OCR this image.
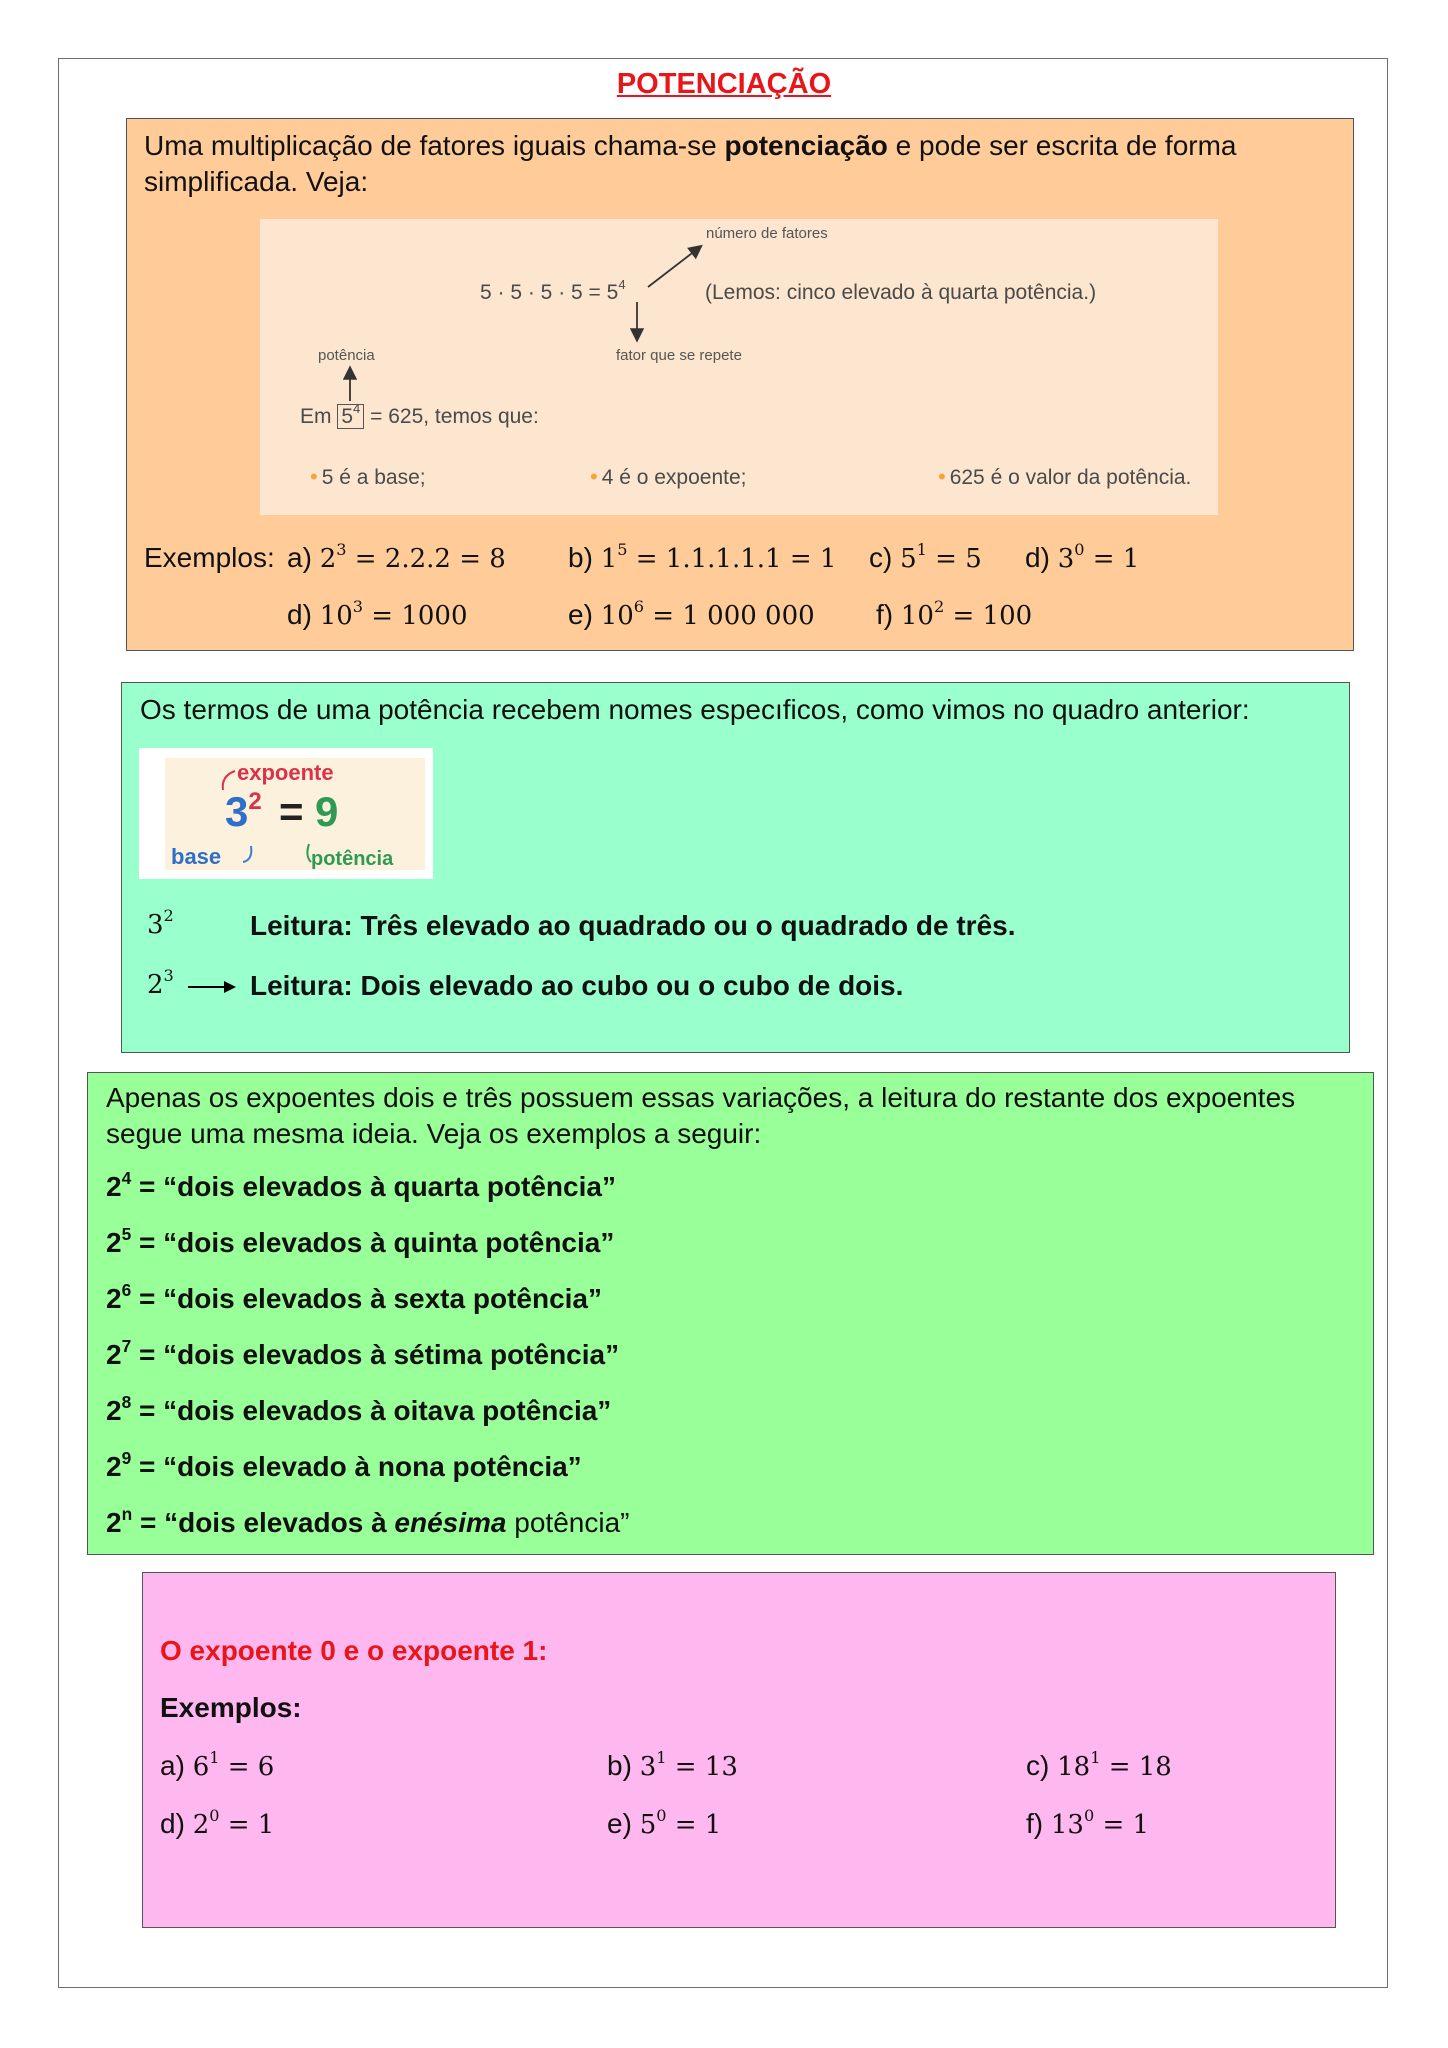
POTENCIAÇÃO
Uma multiplicação de fatores iguais chama-se potenciação e pode ser escrita de forma
simplificada. Veja:
número de fatores
$5 \cdot 5 \cdot 5 \cdot 5 = 5^4$	(Lemos: cinco elevado à quarta potência.)
fator que se repete
potência
Em $5^4 = 625$, temos que:
• 5 é a base;	• 4 é o expoente;	• 625 é o valor da potência.
Exemplos: a) $2^3 = 2.2.2 = 8$ b) $1^5 = 1.1.1.1.1 = 1$ c) $5^1 = 5$ d) $3^0 = 1$
d) $10^3 = 1000$	e) $10^6 = 1$ 000 000 f) $10^2 = 100$
Os termos de uma potência recebem nomes especıficos, como vimos no quadro anterior:
expoente
$3^2 = 9$
base	potência
$3^2$	Leitura: Três elevado ao quadrado ou o quadrado de três.
$2^3$	Leitura: Dois elevado ao cubo ou o cubo de dois.
Apenas os expoentes dois e três possuem essas variações, a leitura do restante dos expoentes
segue uma mesma ideia. Veja os exemplos a seguir:
$2^4$ = “dois elevados à quarta potência”
$2^5$ = “dois elevados à quinta potência”
$2^6$ = “dois elevados à sexta potência”
$2^7$ = “dois elevados à sétima potência”
$2^8$ = “dois elevados à oitava potência”
$2^9$ = “dois elevado à nona potência”
$2^n$ = “dois elevados à enésima potência”
O expoente 0 e o expoente 1:
Exemplos:
a) $6^1 = 6$	b) $3^1 = 13$	c) $18^1 = 18$
d) $2^0 = 1$	e) $5^0 = 1$	f) $13^0 = 1$
